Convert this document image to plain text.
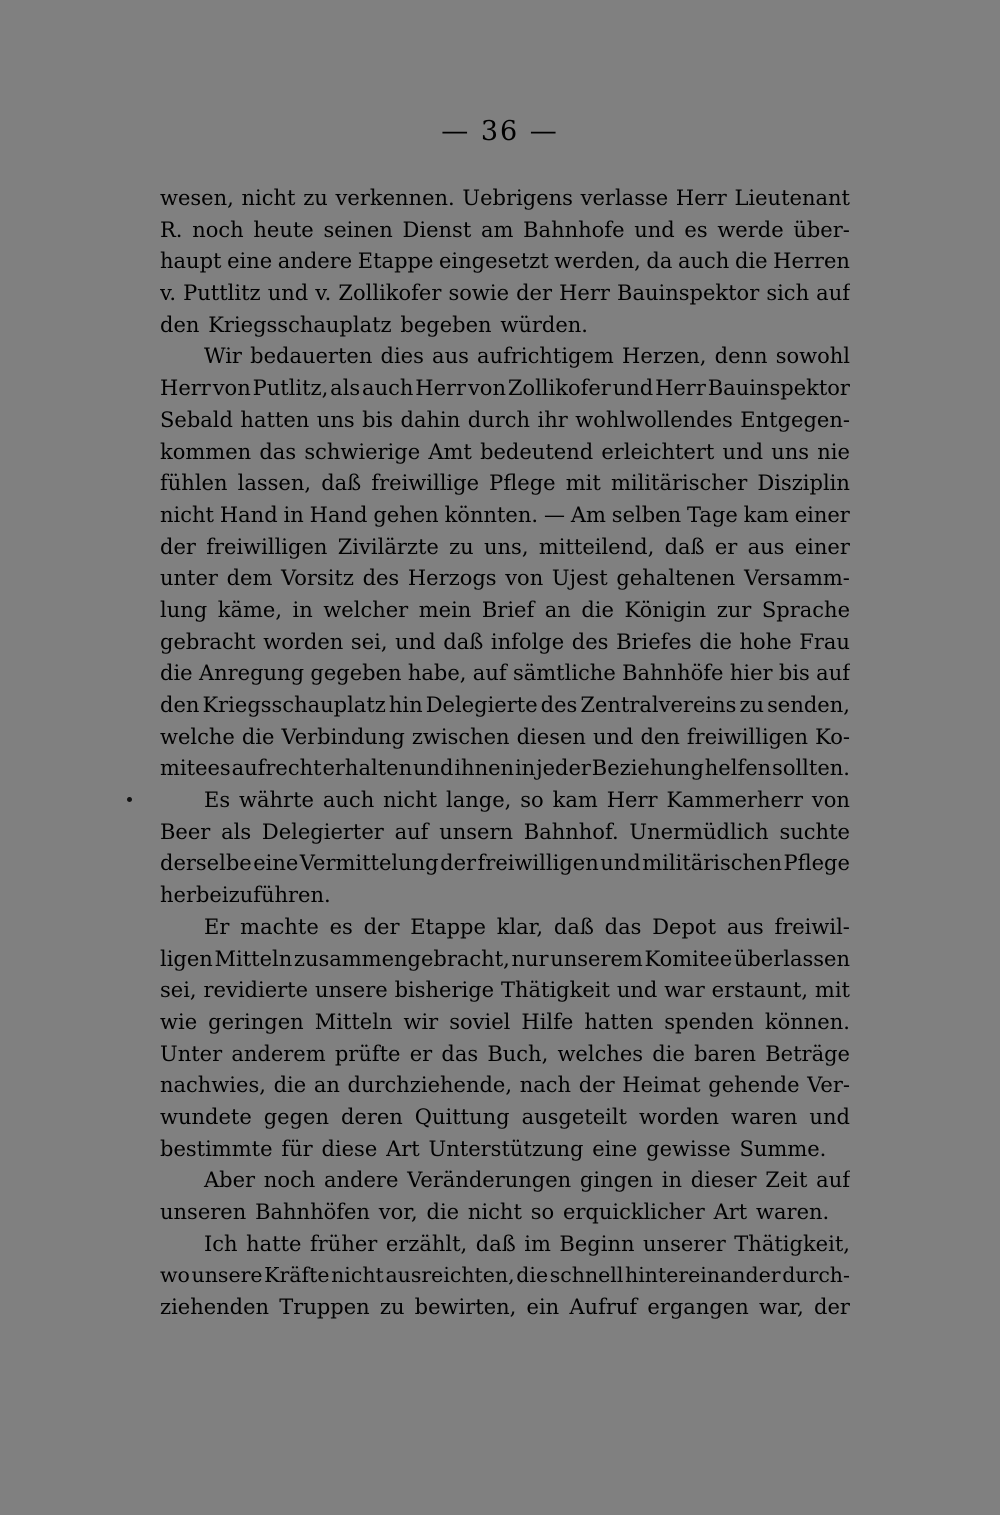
— 36 —
wesen, nicht zu verkennen. Uebrigens verlasse Herr Lieutenant
R. noch heute seinen Dienst am Bahnhofe und es werde über-
haupt eine andere Etappe eingesetzt werden, da auch die Herren
v. Puttlitz und v. Zollikofer sowie der Herr Bauinspektor sich auf
den Kriegsschauplatz begeben würden.
Wir bedauerten dies aus aufrichtigem Herzen, denn sowohl
Herr von Putlitz, als auch Herr von Zollikofer und Herr Bauinspektor
Sebald hatten uns bis dahin durch ihr wohlwollendes Entgegen-
kommen das schwierige Amt bedeutend erleichtert und uns nie
fühlen lassen, daß freiwillige Pflege mit militärischer Disziplin
nicht Hand in Hand gehen könnten. — Am selben Tage kam einer
der freiwilligen Zivilärzte zu uns, mitteilend, daß er aus einer
unter dem Vorsitz des Herzogs von Ujest gehaltenen Versamm-
lung käme, in welcher mein Brief an die Königin zur Sprache
gebracht worden sei, und daß infolge des Briefes die hohe Frau
die Anregung gegeben habe, auf sämtliche Bahnhöfe hier bis auf
den Kriegsschauplatz hin Delegierte des Zentralvereins zu senden,
welche die Verbindung zwischen diesen und den freiwilligen Ko-
mitees aufrecht erhalten und ihnen in jeder Beziehung helfen sollten.
Es währte auch nicht lange, so kam Herr Kammerherr von
Beer als Delegierter auf unsern Bahnhof. Unermüdlich suchte
derselbe eine Vermittelung der freiwilligen und militärischen Pflege
herbeizuführen.
Er machte es der Etappe klar, daß das Depot aus freiwil-
ligen Mitteln zusammengebracht, nur unserem Komitee überlassen
sei, revidierte unsere bisherige Thätigkeit und war erstaunt, mit
wie geringen Mitteln wir soviel Hilfe hatten spenden können.
Unter anderem prüfte er das Buch, welches die baren Beträge
nachwies, die an durchziehende, nach der Heimat gehende Ver-
wundete gegen deren Quittung ausgeteilt worden waren und
bestimmte für diese Art Unterstützung eine gewisse Summe.
Aber noch andere Veränderungen gingen in dieser Zeit auf
unseren Bahnhöfen vor, die nicht so erquicklicher Art waren.
Ich hatte früher erzählt, daß im Beginn unserer Thätigkeit,
wo unsere Kräfte nicht ausreichten, die schnell hintereinander durch-
ziehenden Truppen zu bewirten, ein Aufruf ergangen war, der
